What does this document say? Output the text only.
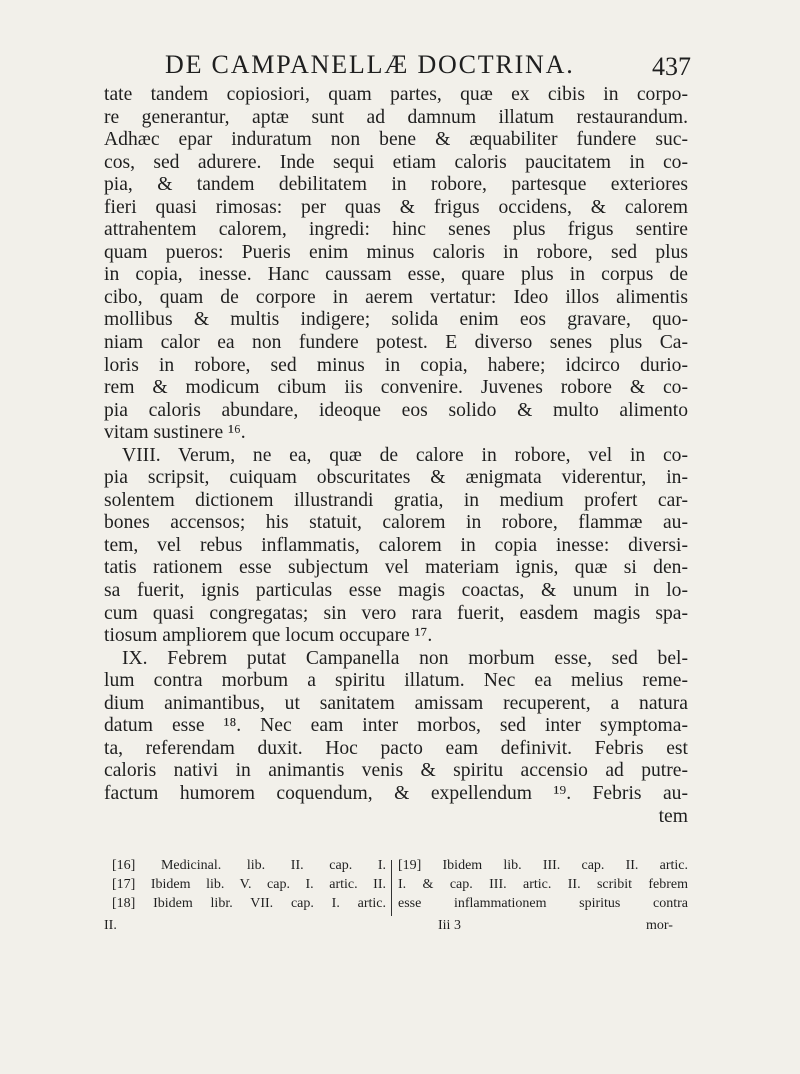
DE CAMPANELLÆ DOCTRINA.	437
tate tandem copiosiori, quam partes, quæ ex cibis in corpo-
re generantur, aptæ sunt ad damnum illatum restaurandum.
Adhæc epar induratum non bene & æquabiliter fundere suc-
cos, sed adurere. Inde sequi etiam caloris paucitatem in co-
pia, & tandem debilitatem in robore, partesque exteriores
fieri quasi rimosas: per quas & frigus occidens, & calorem
attrahentem calorem, ingredi: hinc senes plus frigus sentire
quam pueros: Pueris enim minus caloris in robore, sed plus
in copia, inesse. Hanc caussam esse, quare plus in corpus de
cibo, quam de corpore in aerem vertatur: Ideo illos alimentis
mollibus & multis indigere; solida enim eos gravare, quo-
niam calor ea non fundere potest. E diverso senes plus Ca-
loris in robore, sed minus in copia, habere; idcirco durio-
rem & modicum cibum iis convenire. Juvenes robore & co-
pia caloris abundare, ideoque eos solido & multo alimento
vitam sustinere ¹⁶.
VIII. Verum, ne ea, quæ de calore in robore, vel in co-
pia scripsit, cuiquam obscuritates & ænigmata viderentur, in-
solentem dictionem illustrandi gratia, in medium profert car-
bones accensos; his statuit, calorem in robore, flammæ au-
tem, vel rebus inflammatis, calorem in copia inesse: diversi-
tatis rationem esse subjectum vel materiam ignis, quæ si den-
sa fuerit, ignis particulas esse magis coactas, & unum in lo-
cum quasi congregatas; sin vero rara fuerit, easdem magis spa-
tiosum ampliorem que locum occupare ¹⁷.
IX. Febrem putat Campanella non morbum esse, sed bel-
lum contra morbum a spiritu illatum. Nec ea melius reme-
dium animantibus, ut sanitatem amissam recuperent, a natura
datum esse ¹⁸. Nec eam inter morbos, sed inter symptoma-
ta, referendam duxit. Hoc pacto eam definivit. Febris est
caloris nativi in animantis venis & spiritu accensio ad putre-
factum humorem coquendum, & expellendum ¹⁹. Febris au-
tem
[16] Medicinal. lib. II. cap. I.
[17] Ibidem lib. V. cap. I. artic. II.
[18] Ibidem libr. VII. cap. I. artic.
[19] Ibidem lib. III. cap. II. artic.
I. & cap. III. artic. II. scribit febrem
esse inflammationem spiritus contra
II.	Iii 3	mor-
